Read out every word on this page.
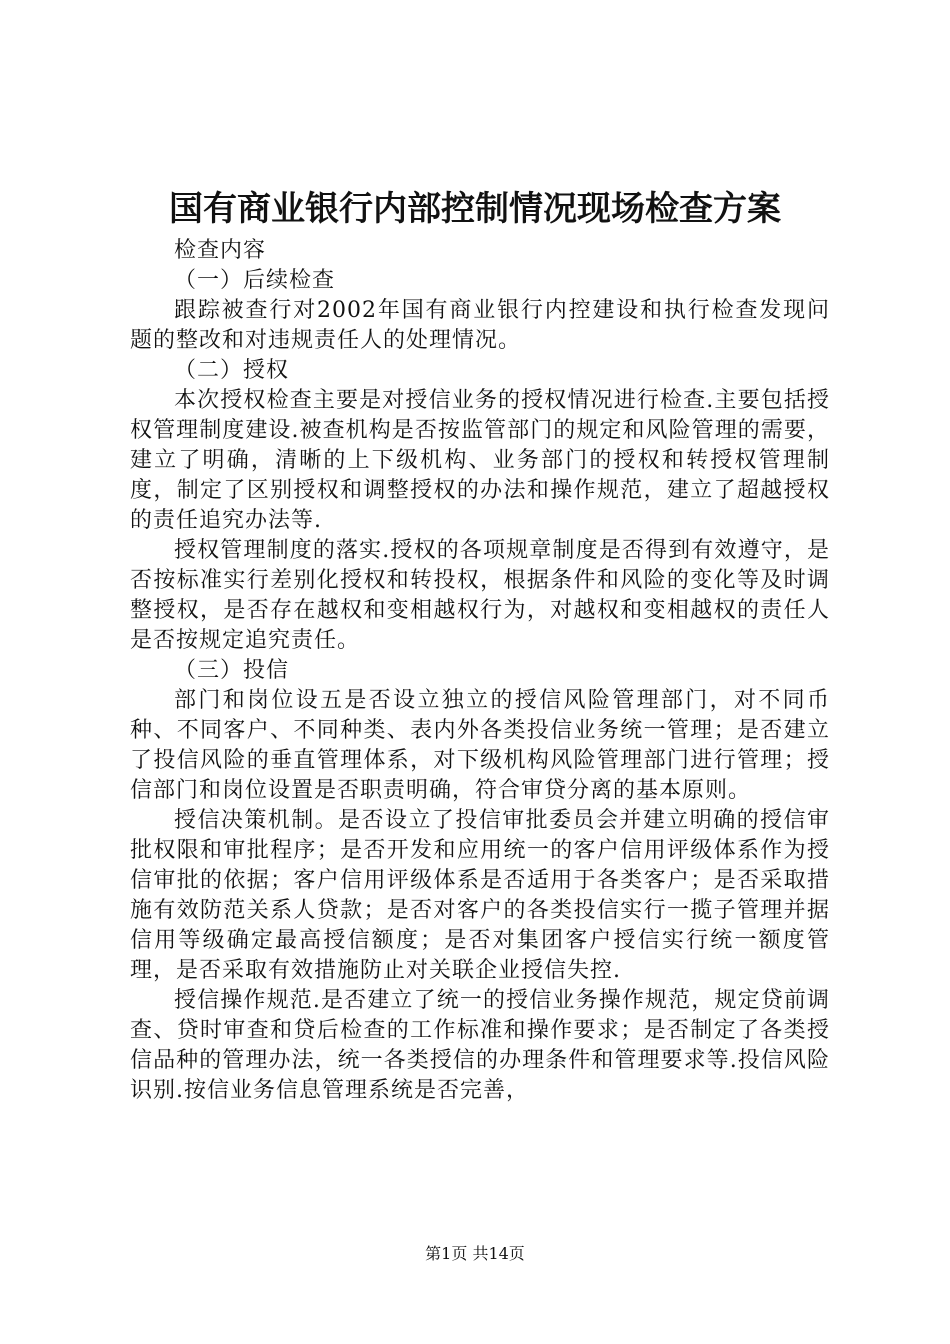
国有商业银行内部控制情况现场检查方案

检查内容

（一）后续检查

跟踪被查行对2002年国有商业银行内控建设和执行检查发现问题的整改和对违规责任人的处理情况。

（二）授权

本次授权检查主要是对授信业务的授权情况进行检查.主要包括授权管理制度建设.被查机构是否按监管部门的规定和风险管理的需要，建立了明确，清晰的上下级机构、业务部门的授权和转授权管理制度，制定了区别授权和调整授权的办法和操作规范，建立了超越授权的责任追究办法等.

授权管理制度的落实.授权的各项规章制度是否得到有效遵守，是否按标准实行差别化授权和转投权，根据条件和风险的变化等及时调整授权，是否存在越权和变相越权行为，对越权和变相越权的责任人是否按规定追究责任。

（三）投信

部门和岗位设五是否设立独立的授信风险管理部门，对不同币种、不同客户、不同种类、表内外各类投信业务统一管理；是否建立了投信风险的垂直管理体系，对下级机构风险管理部门进行管理；授信部门和岗位设置是否职责明确，符合审贷分离的基本原则。

授信决策机制。是否设立了投信审批委员会并建立明确的授信审批权限和审批程序；是否开发和应用统一的客户信用评级体系作为授信审批的依据；客户信用评级体系是否适用于各类客户；是否采取措施有效防范关系人贷款；是否对客户的各类投信实行一揽子管理并据信用等级确定最高授信额度；是否对集团客户授信实行统一额度管理，是否采取有效措施防止对关联企业授信失控.

授信操作规范.是否建立了统一的授信业务操作规范，规定贷前调查、贷时审查和贷后检查的工作标准和操作要求；是否制定了各类授信品种的管理办法，统一各类授信的办理条件和管理要求等.投信风险识别.按信业务信息管理系统是否完善，

第1页 共14页
